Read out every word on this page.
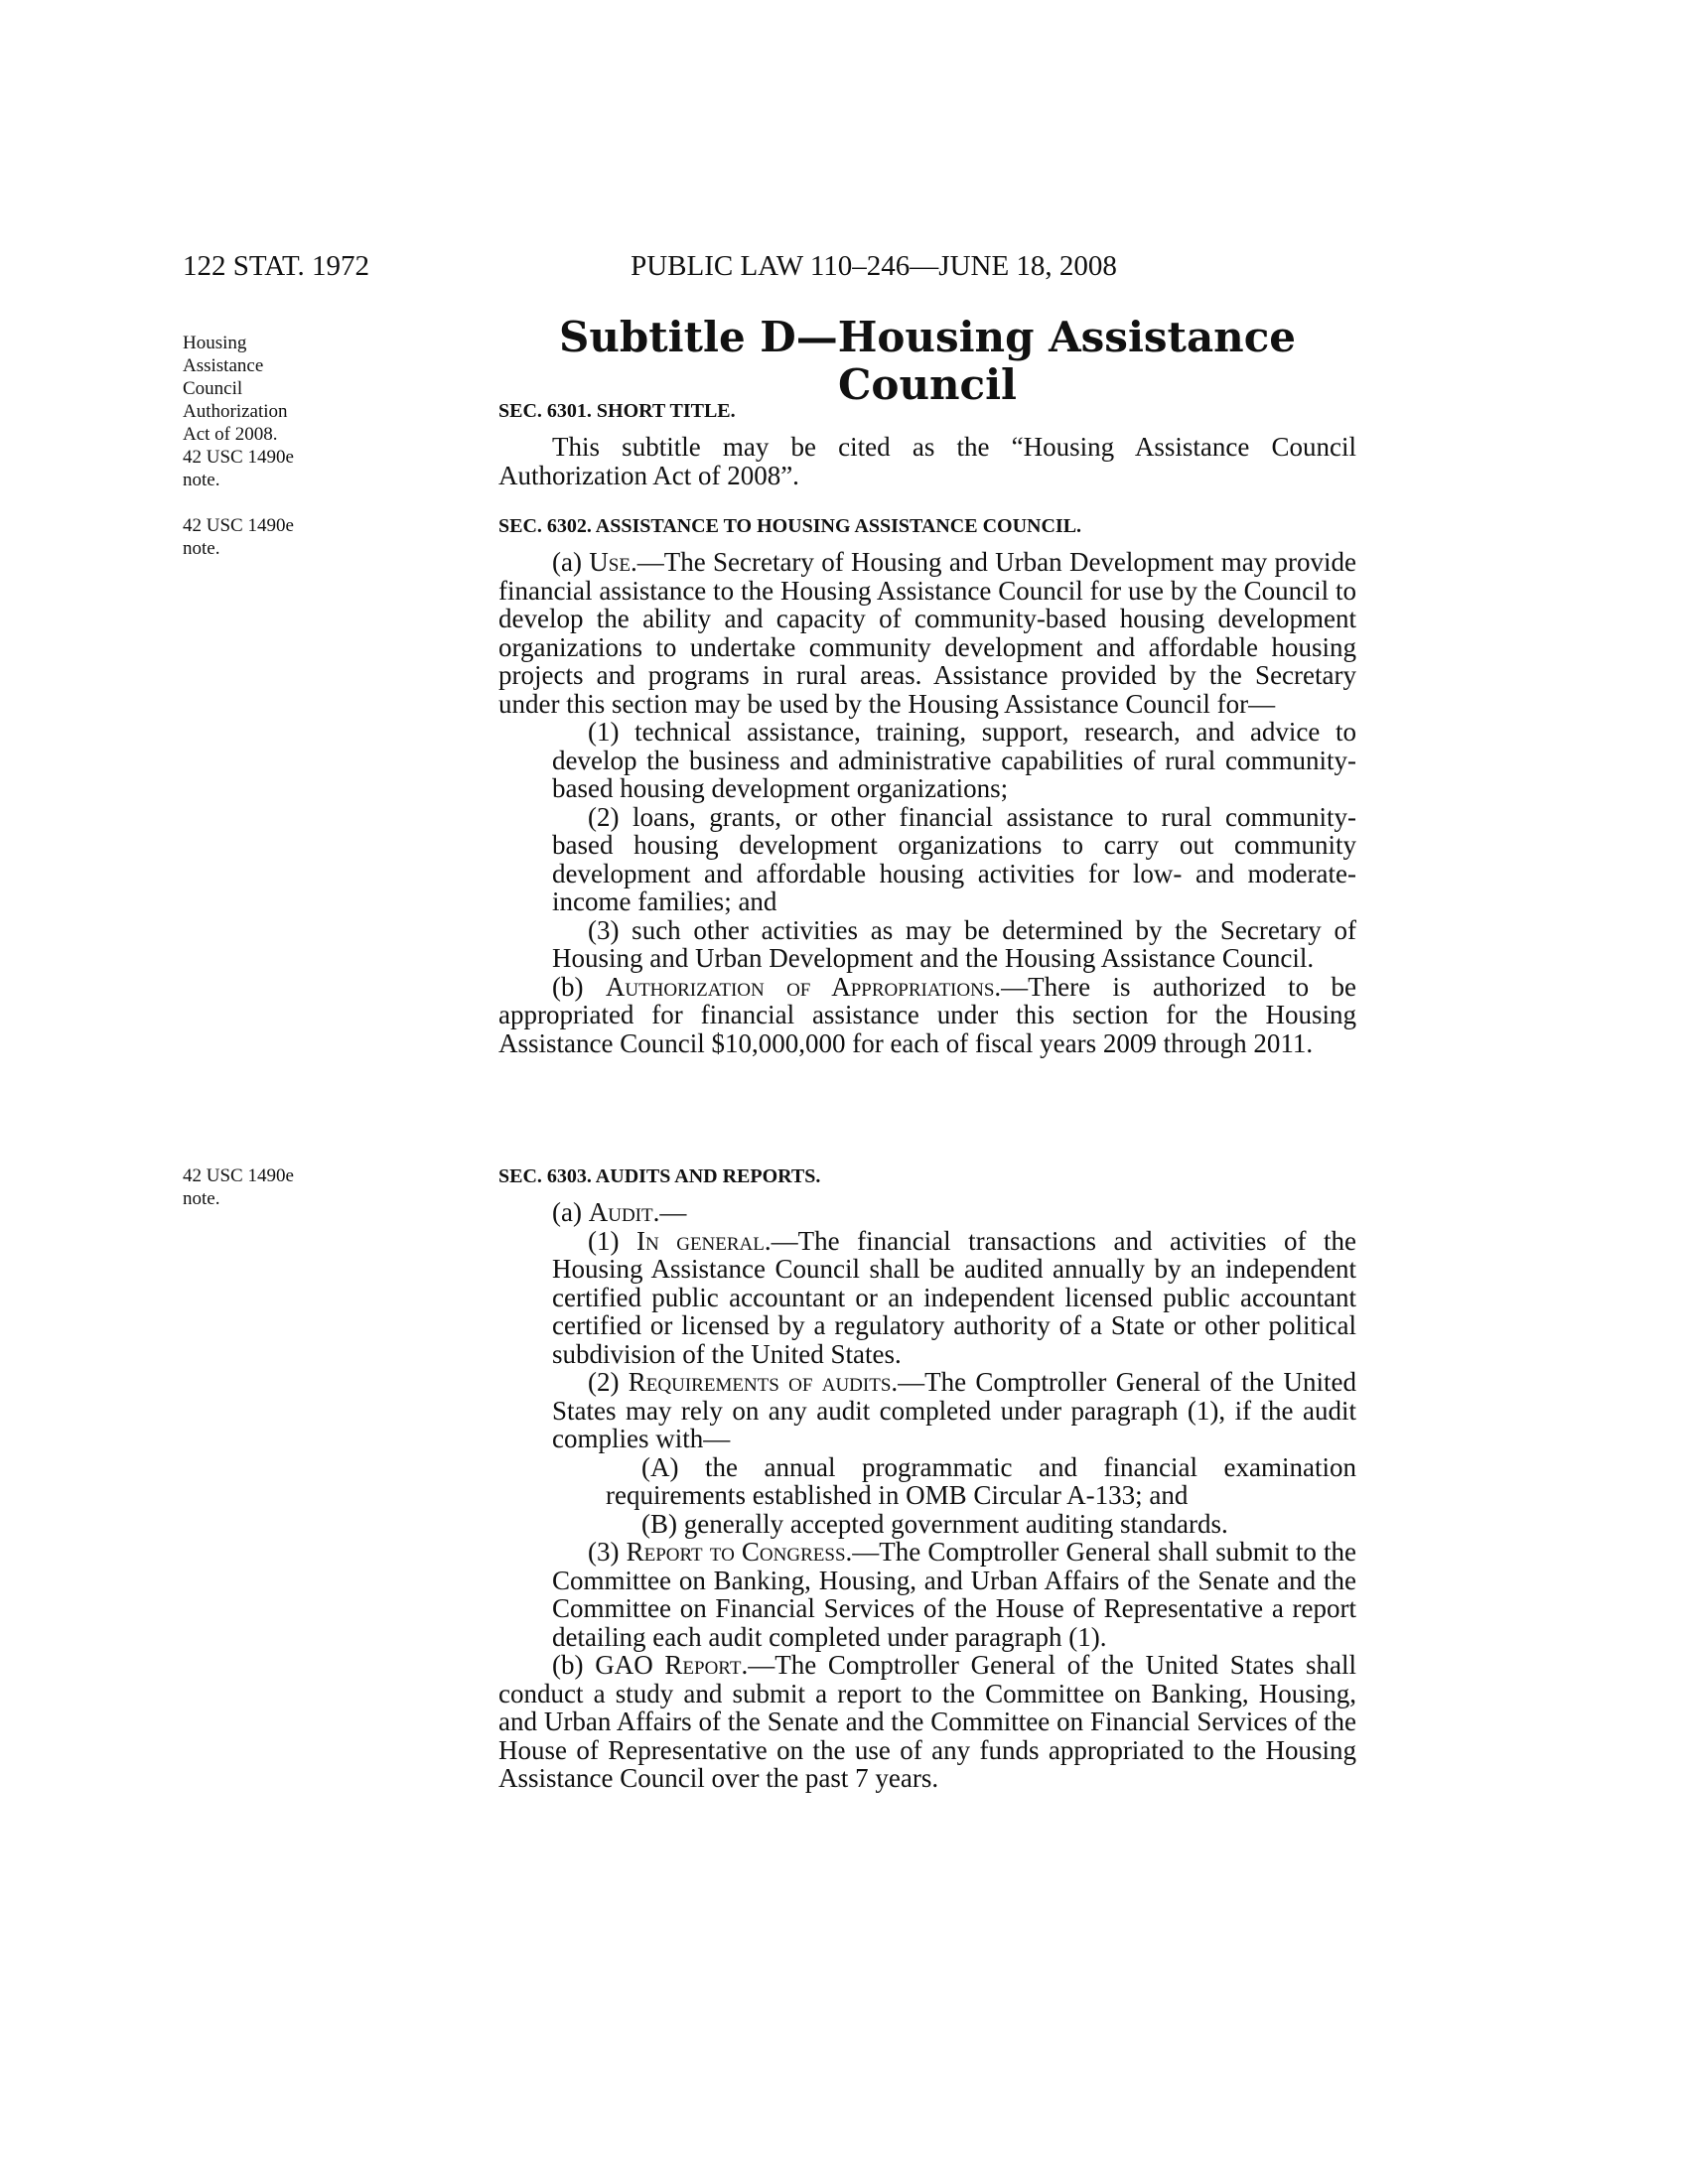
122 STAT. 1972	PUBLIC LAW 110–246—JUNE 18, 2008
Housing
Assistance
Council
Authorization
Act of 2008.
42 USC 1490e
note.
42 USC 1490e
note.
42 USC 1490e
note.
Subtitle D—Housing Assistance Council
SEC. 6301. SHORT TITLE.

This subtitle may be cited as the “Housing Assistance Council Authorization Act of 2008”.

SEC. 6302. ASSISTANCE TO HOUSING ASSISTANCE COUNCIL.

(a) Use.—The Secretary of Housing and Urban Development may provide financial assistance to the Housing Assistance Council for use by the Council to develop the ability and capacity of community-based housing development organizations to undertake community development and affordable housing projects and programs in rural areas. Assistance provided by the Secretary under this section may be used by the Housing Assistance Council for—

(1) technical assistance, training, support, research, and advice to develop the business and administrative capabilities of rural community-based housing development organizations;

(2) loans, grants, or other financial assistance to rural community-based housing development organizations to carry out community development and affordable housing activities for low- and moderate-income families; and

(3) such other activities as may be determined by the Secretary of Housing and Urban Development and the Housing Assistance Council.

(b) Authorization of Appropriations.—There is authorized to be appropriated for financial assistance under this section for the Housing Assistance Council $10,000,000 for each of fiscal years 2009 through 2011.

SEC. 6303. AUDITS AND REPORTS.

(a) Audit.—

(1) In general.—The financial transactions and activities of the Housing Assistance Council shall be audited annually by an independent certified public accountant or an independent licensed public accountant certified or licensed by a regulatory authority of a State or other political subdivision of the United States.

(2) Requirements of audits.—The Comptroller General of the United States may rely on any audit completed under paragraph (1), if the audit complies with—

(A) the annual programmatic and financial examination requirements established in OMB Circular A-133; and

(B) generally accepted government auditing standards.

(3) Report to Congress.—The Comptroller General shall submit to the Committee on Banking, Housing, and Urban Affairs of the Senate and the Committee on Financial Services of the House of Representative a report detailing each audit completed under paragraph (1).

(b) GAO Report.—The Comptroller General of the United States shall conduct a study and submit a report to the Committee on Banking, Housing, and Urban Affairs of the Senate and the Committee on Financial Services of the House of Representative on the use of any funds appropriated to the Housing Assistance Council over the past 7 years.
